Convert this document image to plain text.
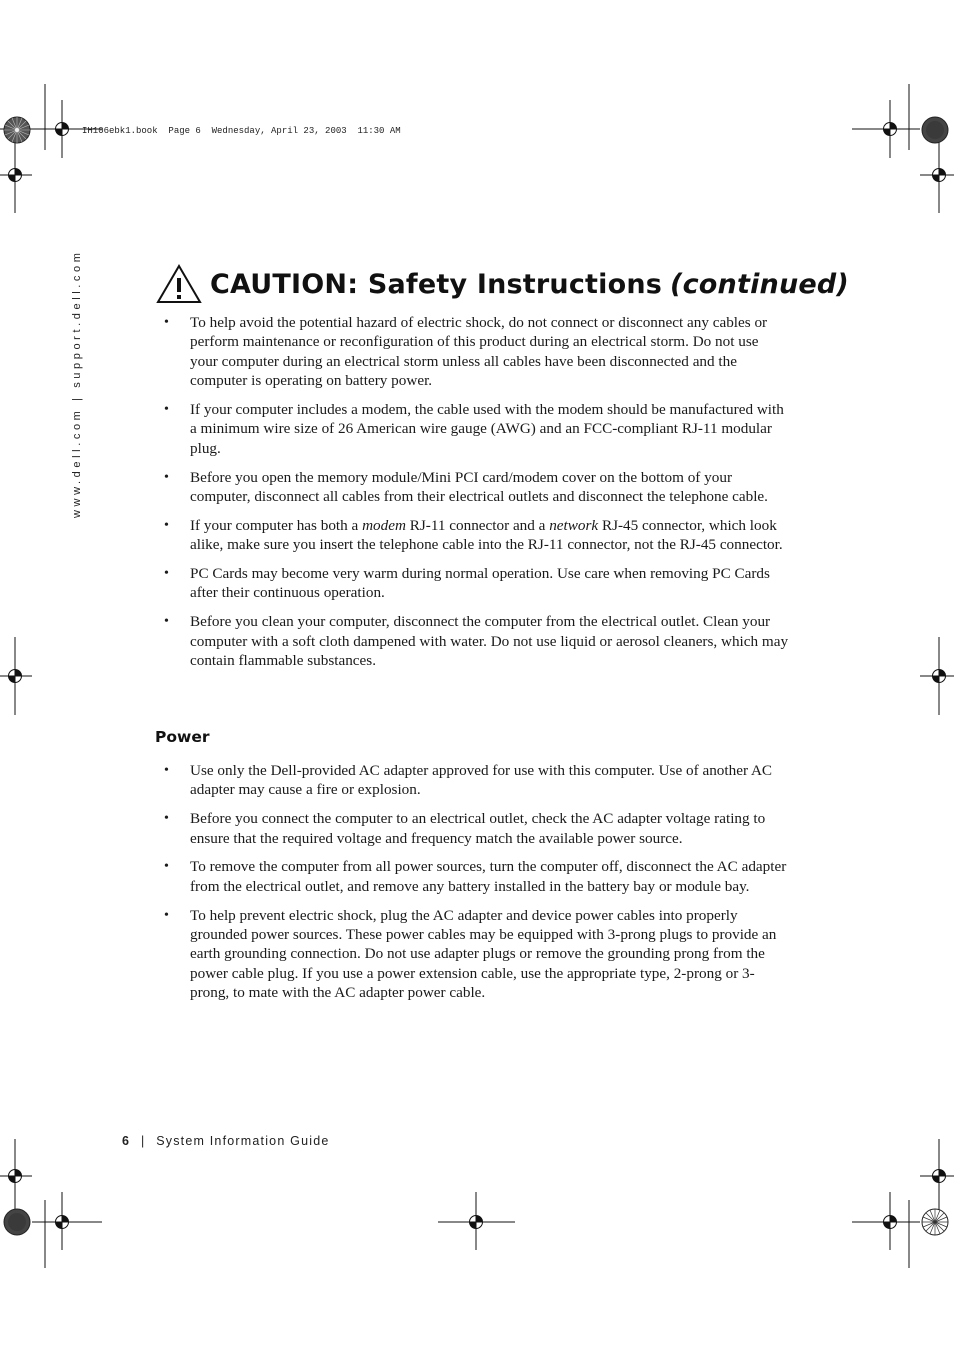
IH106ebk1.book  Page 6  Wednesday, April 23, 2003  11:30 AM
www.dell.com | support.dell.com	CAUTION: Safety Instructions (continued)
• To help avoid the potential hazard of electric shock, do not connect or disconnect any cables or perform maintenance or reconfiguration of this product during an electrical storm. Do not use your computer during an electrical storm unless all cables have been disconnected and the computer is operating on battery power.
• If your computer includes a modem, the cable used with the modem should be manufactured with a minimum wire size of 26 American wire gauge (AWG) and an FCC-compliant RJ-11 modular plug.
• Before you open the memory module/Mini PCI card/modem cover on the bottom of your computer, disconnect all cables from their electrical outlets and disconnect the telephone cable.
• If your computer has both a modem RJ-11 connector and a network RJ-45 connector, which look alike, make sure you insert the telephone cable into the RJ-11 connector, not the RJ-45 connector.
• PC Cards may become very warm during normal operation. Use care when removing PC Cards after their continuous operation.
• Before you clean your computer, disconnect the computer from the electrical outlet. Clean your computer with a soft cloth dampened with water. Do not use liquid or aerosol cleaners, which may contain flammable substances.
Power
• Use only the Dell-provided AC adapter approved for use with this computer. Use of another AC adapter may cause a fire or explosion.
• Before you connect the computer to an electrical outlet, check the AC adapter voltage rating to ensure that the required voltage and frequency match the available power source.
• To remove the computer from all power sources, turn the computer off, disconnect the AC adapter from the electrical outlet, and remove any battery installed in the battery bay or module bay.
• To help prevent electric shock, plug the AC adapter and device power cables into properly grounded power sources. These power cables may be equipped with 3-prong plugs to provide an earth grounding connection. Do not use adapter plugs or remove the grounding prong from the power cable plug. If you use a power extension cable, use the appropriate type, 2-prong or 3-prong, to mate with the AC adapter power cable.
6 | System Information Guide
